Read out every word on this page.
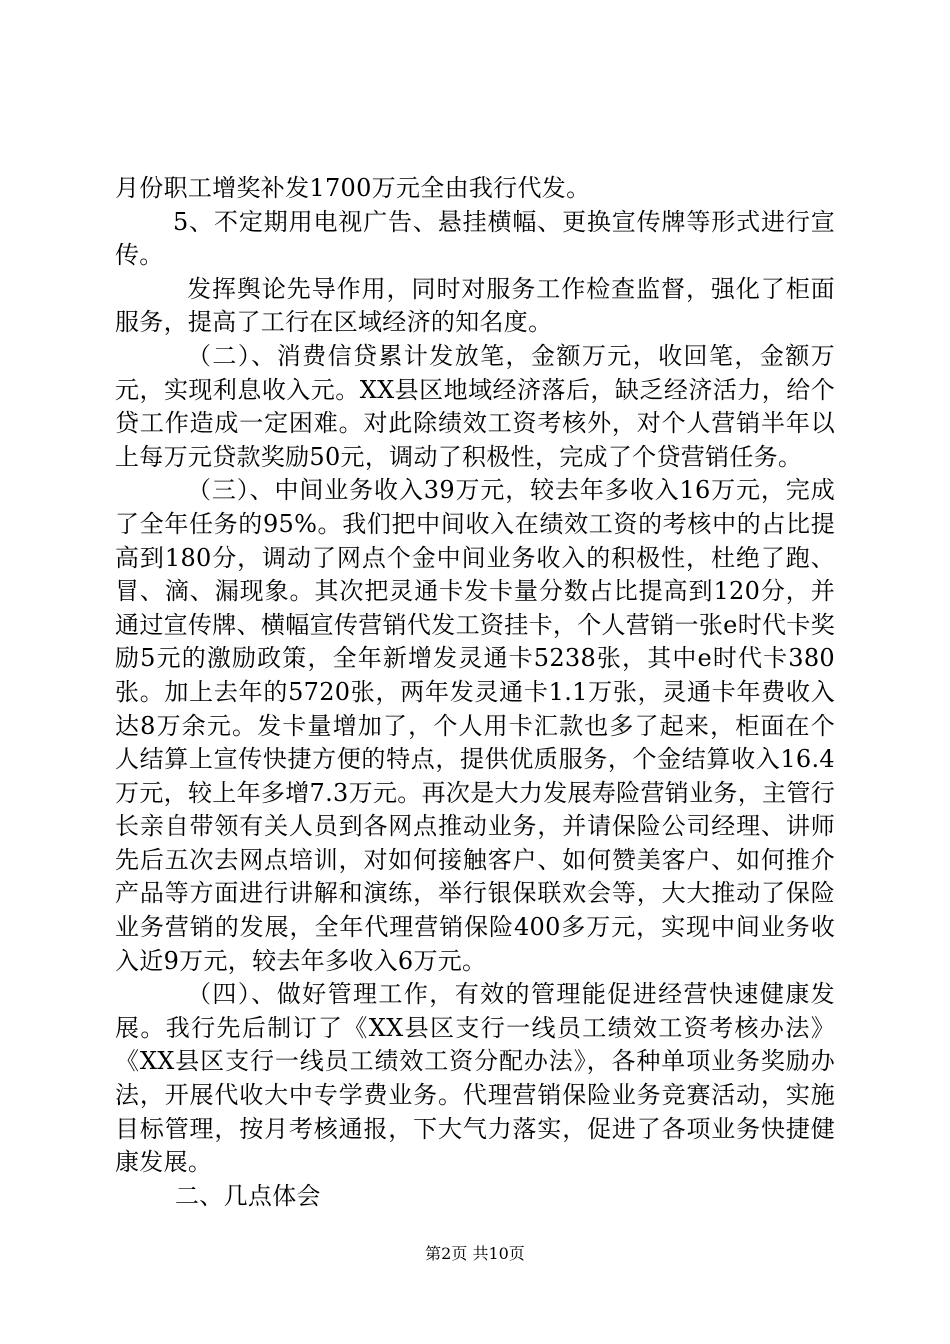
月份职工增奖补发1700万元全由我行代发。

5、不定期用电视广告、悬挂横幅、更换宣传牌等形式进行宣传。

发挥舆论先导作用，同时对服务工作检查监督，强化了柜面服务，提高了工行在区域经济的知名度。

（二）、消费信贷累计发放笔，金额万元，收回笔，金额万元，实现利息收入元。XX县区地域经济落后，缺乏经济活力，给个贷工作造成一定困难。对此除绩效工资考核外，对个人营销半年以上每万元贷款奖励50元，调动了积极性，完成了个贷营销任务。

（三）、中间业务收入39万元，较去年多收入16万元，完成了全年任务的95%。我们把中间收入在绩效工资的考核中的占比提高到180分，调动了网点个金中间业务收入的积极性，杜绝了跑、冒、滴、漏现象。其次把灵通卡发卡量分数占比提高到120分，并通过宣传牌、横幅宣传营销代发工资挂卡，个人营销一张e时代卡奖励5元的激励政策，全年新增发灵通卡5238张，其中e时代卡380张。加上去年的5720张，两年发灵通卡1.1万张，灵通卡年费收入达8万余元。发卡量增加了，个人用卡汇款也多了起来，柜面在个人结算上宣传快捷方便的特点，提供优质服务，个金结算收入16.4万元，较上年多增7.3万元。再次是大力发展寿险营销业务，主管行长亲自带领有关人员到各网点推动业务，并请保险公司经理、讲师先后五次去网点培训，对如何接触客户、如何赞美客户、如何推介产品等方面进行讲解和演练，举行银保联欢会等，大大推动了保险业务营销的发展，全年代理营销保险400多万元，实现中间业务收入近9万元，较去年多收入6万元。

（四）、做好管理工作，有效的管理能促进经营快速健康发展。我行先后制订了《XX县区支行一线员工绩效工资考核办法》《XX县区支行一线员工绩效工资分配办法》，各种单项业务奖励办法，开展代收大中专学费业务。代理营销保险业务竞赛活动，实施目标管理，按月考核通报，下大气力落实，促进了各项业务快捷健康发展。

二、几点体会

第2页 共10页
